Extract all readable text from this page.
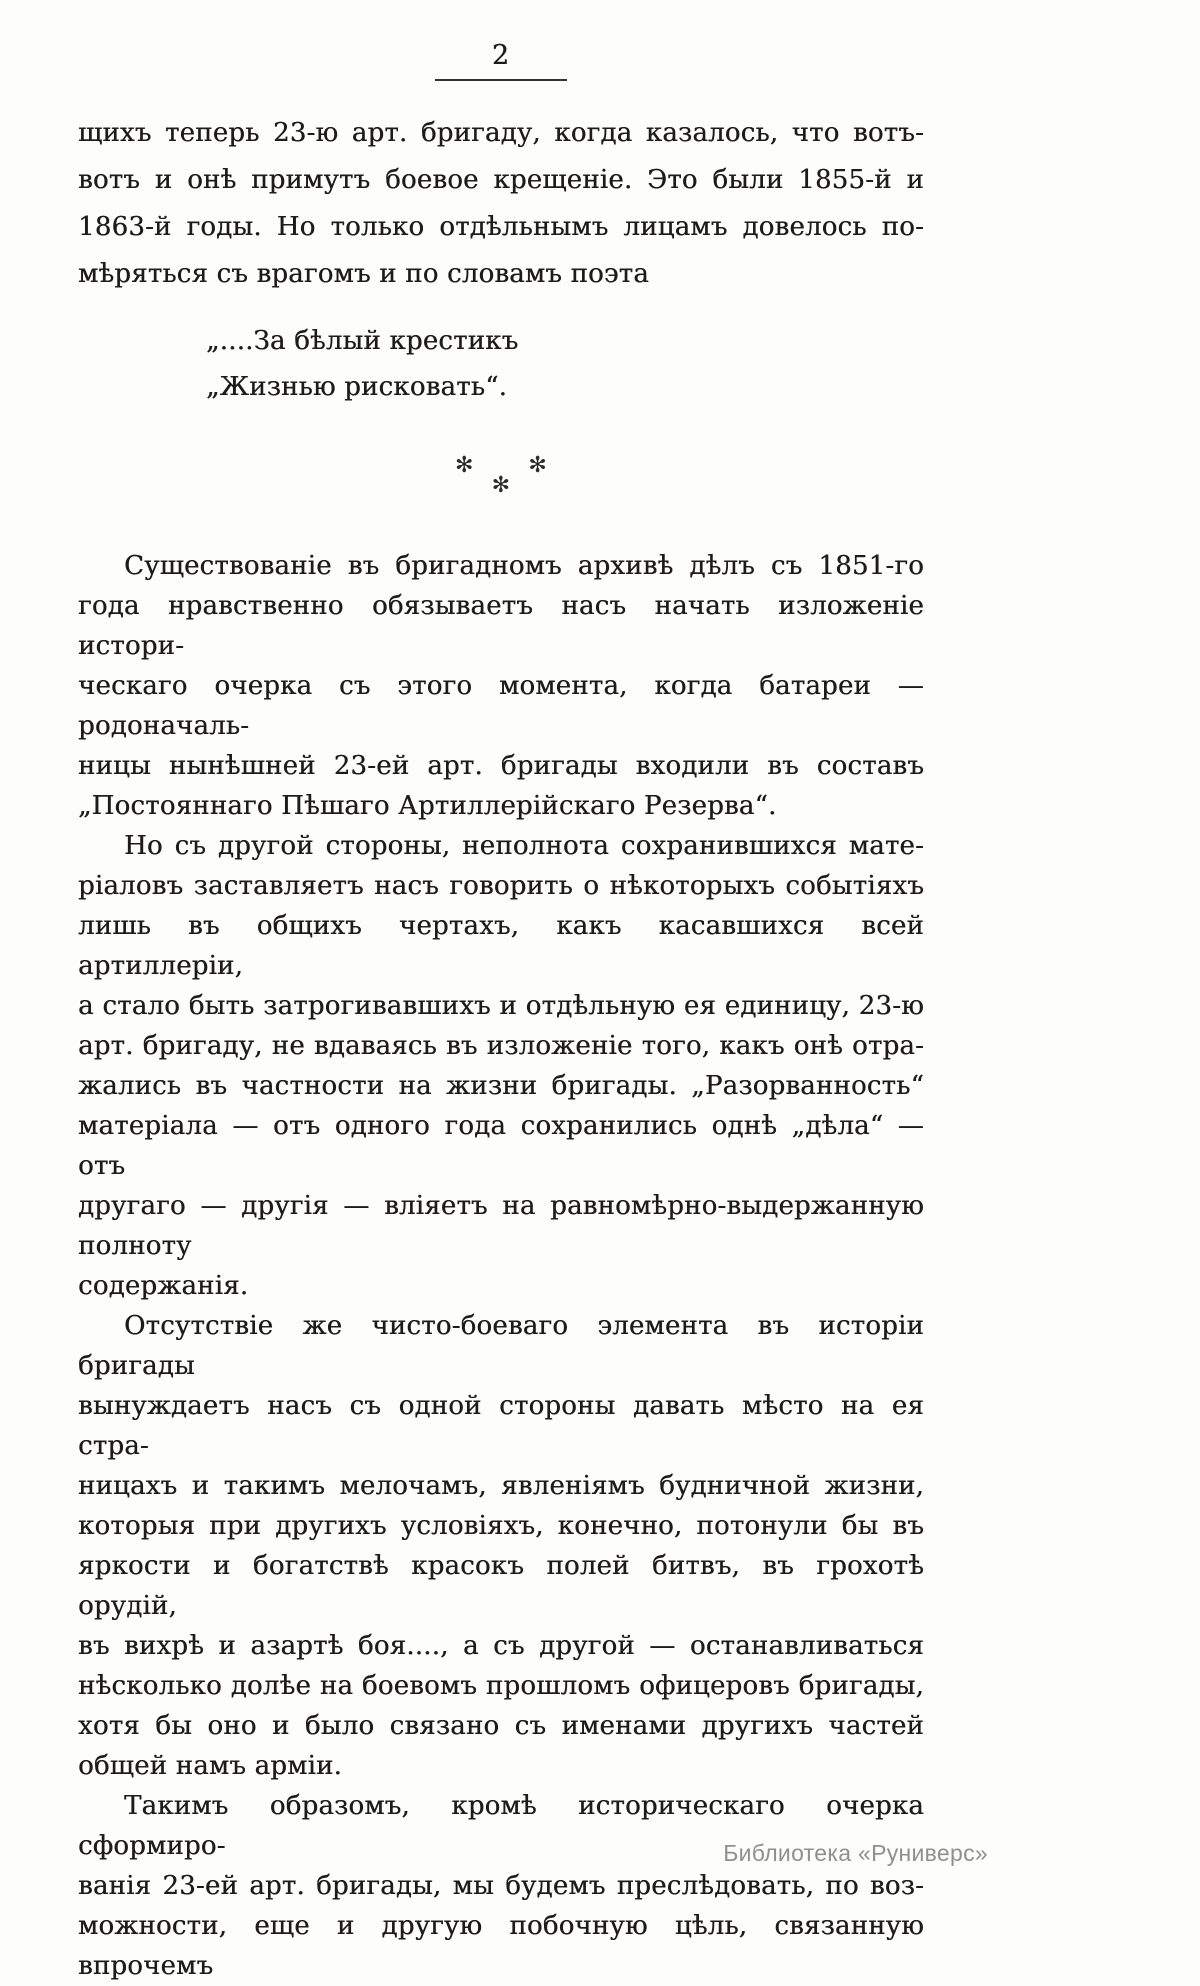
2
щихъ теперь 23-ю арт. бригаду, когда казалось, что вотъ-
вотъ и онѣ примутъ боевое крещеніе. Это были 1855-й и
1863-й годы. Но только отдѣльнымъ лицамъ довелось по-
мѣряться съ врагомъ и по словамъ поэта
„....За бѣлый крестикъ
„Жизнью рисковать“.
✻ ✻
✻
Существованіе въ бригадномъ архивѣ дѣлъ съ 1851-го
года нравственно обязываетъ насъ начать изложеніе истори-
ческаго очерка съ этого момента, когда батареи — родоначаль-
ницы нынѣшней 23-ей арт. бригады входили въ составъ
„Постояннаго Пѣшаго Артиллерійскаго Резерва“.
Но съ другой стороны, неполнота сохранившихся мате-
ріаловъ заставляетъ насъ говорить о нѣкоторыхъ событіяхъ
лишь въ общихъ чертахъ, какъ касавшихся всей артиллеріи,
а стало быть затрогивавшихъ и отдѣльную ея единицу, 23-ю
арт. бригаду, не вдаваясь въ изложеніе того, какъ онѣ отра-
жались въ частности на жизни бригады. „Разорванность“
матеріала — отъ одного года сохранились однѣ „дѣла“ — отъ
другаго — другія — вліяетъ на равномѣрно-выдержанную полноту
содержанія.
Отсутствіе же чисто-боеваго элемента въ исторіи бригады
вынуждаетъ насъ съ одной стороны давать мѣсто на ея стра-
ницахъ и такимъ мелочамъ, явленіямъ будничной жизни,
которыя при другихъ условіяхъ, конечно, потонули бы въ
яркости и богатствѣ красокъ полей битвъ, въ грохотѣ орудій,
въ вихрѣ и азартѣ боя...., а съ другой — останавливаться
нѣсколько долѣе на боевомъ прошломъ офицеровъ бригады,
хотя бы оно и было связано съ именами другихъ частей
общей намъ арміи.
Такимъ образомъ, кромѣ историческаго очерка сформиро-
ванія 23-ей арт. бригады, мы будемъ преслѣдовать, по воз-
можности, еще и другую побочную цѣль, связанную впрочемъ
Библиотека «Руниверс»
